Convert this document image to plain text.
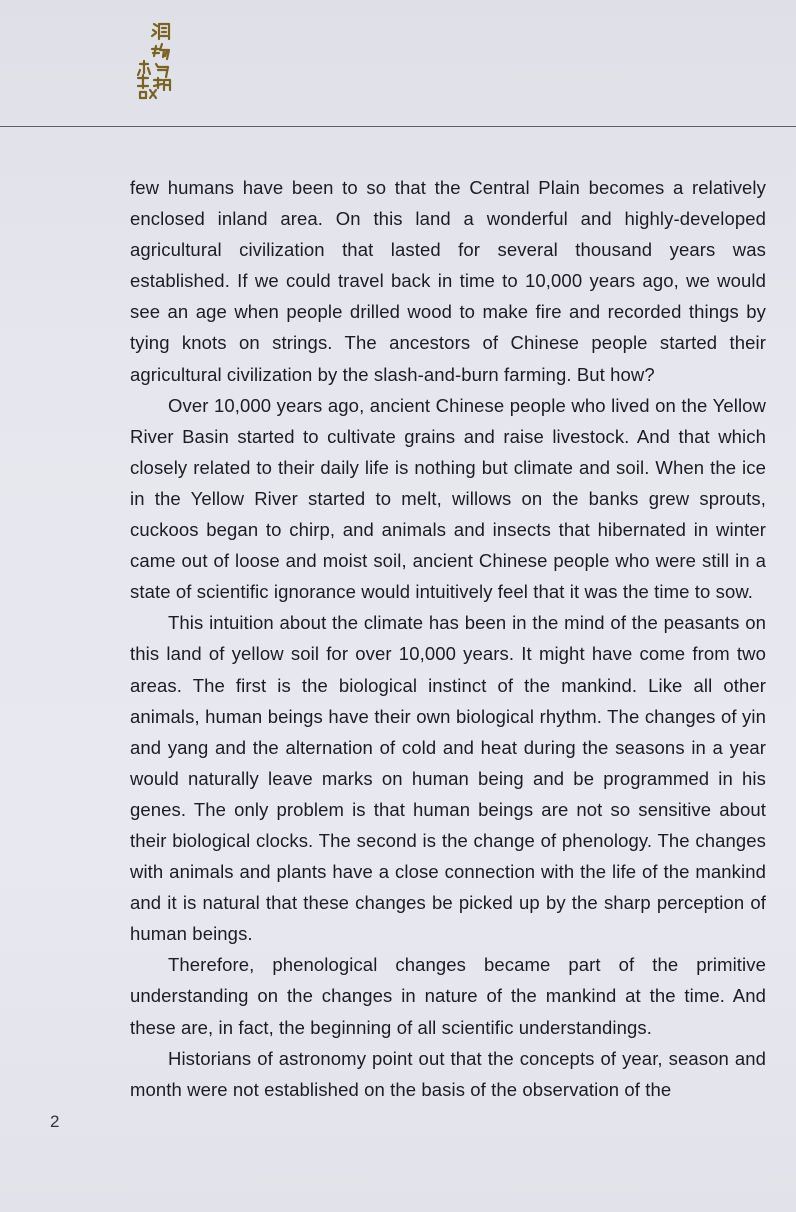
few humans have been to so that the Central Plain becomes a relatively enclosed inland area. On this land a wonderful and highly-developed agricultural civilization that lasted for several thousand years was established. If we could travel back in time to 10,000 years ago, we would see an age when people drilled wood to make fire and recorded things by tying knots on strings. The ancestors of Chinese people started their agricultural civilization by the slash-and-burn farming. But how?

Over 10,000 years ago, ancient Chinese people who lived on the Yellow River Basin started to cultivate grains and raise livestock. And that which closely related to their daily life is nothing but climate and soil. When the ice in the Yellow River started to melt, willows on the banks grew sprouts, cuckoos began to chirp, and animals and insects that hibernated in winter came out of loose and moist soil, ancient Chinese people who were still in a state of scientific ignorance would intuitively feel that it was the time to sow.

This intuition about the climate has been in the mind of the peasants on this land of yellow soil for over 10,000 years. It might have come from two areas. The first is the biological instinct of the mankind. Like all other animals, human beings have their own biological rhythm. The changes of yin and yang and the alternation of cold and heat during the seasons in a year would naturally leave marks on human being and be programmed in his genes. The only problem is that human beings are not so sensitive about their biological clocks. The second is the change of phenology. The changes with animals and plants have a close connection with the life of the mankind and it is natural that these changes be picked up by the sharp perception of human beings.

Therefore, phenological changes became part of the primitive understanding on the changes in nature of the mankind at the time. And these are, in fact, the beginning of all scientific understandings.

Historians of astronomy point out that the concepts of year, season and month were not established on the basis of the observation of the

2
